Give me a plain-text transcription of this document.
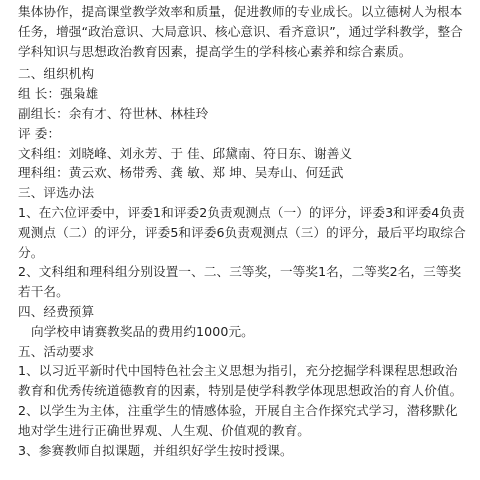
集体协作，提高课堂教学效率和质量，促进教师的专业成长。以立德树人为根本
任务，增强“政治意识、大局意识、核心意识、看齐意识”，通过学科教学，整合
学科知识与思想政治教育因素，提高学生的学科核心素养和综合素质。
二、组织机构
组 长：强枭雄
副组长：余有才、符世林、林桂玲
评 委：
文科组：刘晓峰、刘永芳、于 佳、邱黛南、符日东、谢善义
理科组：黄云欢、杨带秀、龚 敏、郑 坤、吴寿山、何廷武
三、评选办法
1、在六位评委中，评委1和评委2负责观测点（一）的评分，评委3和评委4负责
观测点（二）的评分，评委5和评委6负责观测点（三）的评分，最后平均取综合
分。
2、文科组和理科组分别设置一、二、三等奖，一等奖1名，二等奖2名，三等奖
若干名。
四、经费预算
向学校申请赛教奖品的费用约1000元。
五、活动要求
1、以习近平新时代中国特色社会主义思想为指引，充分挖掘学科课程思想政治
教育和优秀传统道德教育的因素，特别是使学科教学体现思想政治的育人价值。
2、以学生为主体，注重学生的情感体验，开展自主合作探究式学习，潜移默化
地对学生进行正确世界观、人生观、价值观的教育。
3、参赛教师自拟课题，并组织好学生按时授课。
